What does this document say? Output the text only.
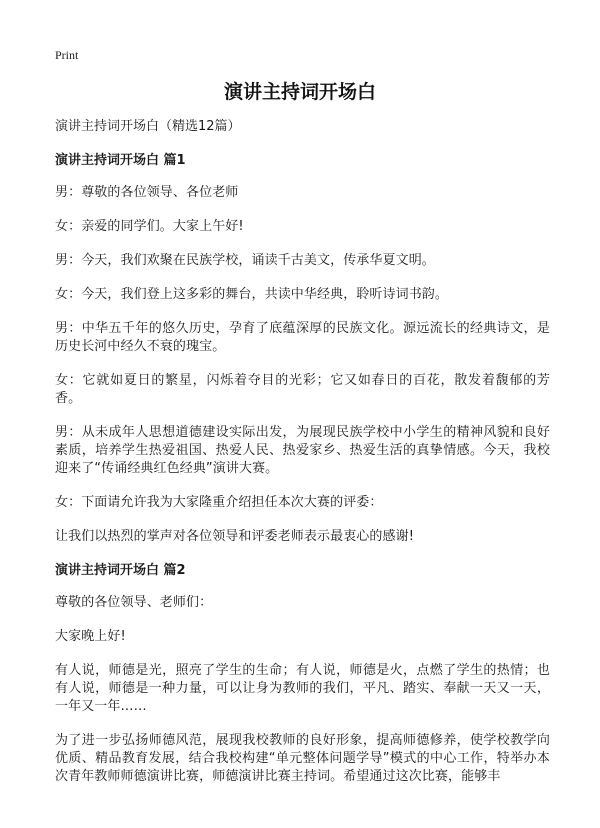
Print
演讲主持词开场白
演讲主持词开场白（精选12篇）
演讲主持词开场白 篇1

男：尊敬的各位领导、各位老师

女：亲爱的同学们。大家上午好!

男：今天，我们欢聚在民族学校，诵读千古美文，传承华夏文明。

女：今天，我们登上这多彩的舞台，共读中华经典，聆听诗词书韵。

男：中华五千年的悠久历史，孕育了底蕴深厚的民族文化。源远流长的经典诗文，是历史长河中经久不衰的瑰宝。

女：它就如夏日的繁星，闪烁着夺目的光彩；它又如春日的百花，散发着馥郁的芳香。

男：从未成年人思想道德建设实际出发，为展现民族学校中小学生的精神风貌和良好素质，培养学生热爱祖国、热爱人民、热爱家乡、热爱生活的真挚情感。今天，我校迎来了“传诵经典红色经典”演讲大赛。

女：下面请允许我为大家隆重介绍担任本次大赛的评委：

让我们以热烈的掌声对各位领导和评委老师表示最衷心的感谢!

演讲主持词开场白 篇2

尊敬的各位领导、老师们：

大家晚上好!

有人说，师德是光，照亮了学生的生命；有人说，师德是火，点燃了学生的热情；也有人说，师德是一种力量，可以让身为教师的我们，平凡、踏实、奉献一天又一天，一年又一年……

为了进一步弘扬师德风范，展现我校教师的良好形象，提高师德修养，使学校教学向优质、精品教育发展，结合我校构建“单元整体问题学导”模式的中心工作，特举办本次青年教师师德演讲比赛，师德演讲比赛主持词。希望通过这次比赛，能够丰
